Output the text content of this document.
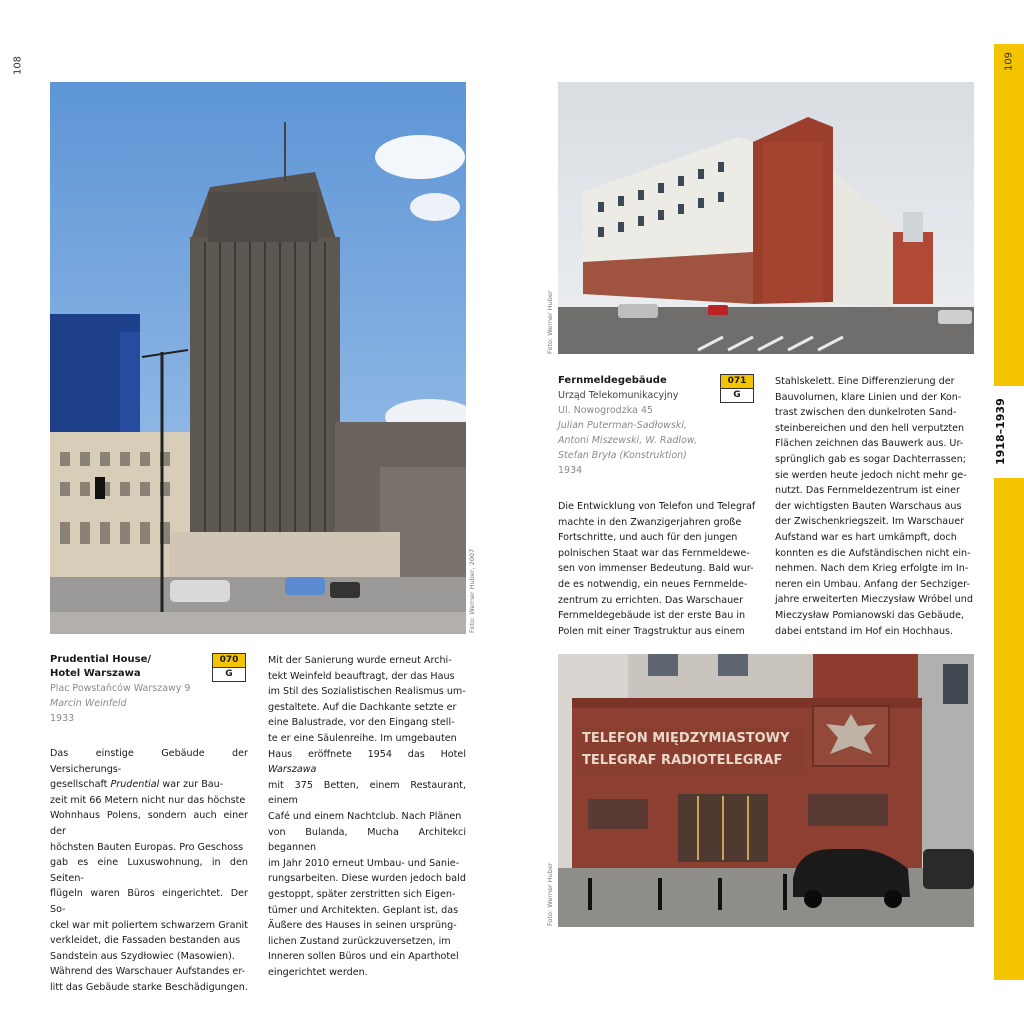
108
Foto: Werner Huber, 2007

Prudential House/

Hotel Warszawa

Plac Powstańców Warszawy 9

Marcin Weinfeld

1933

070
G

Das einstige Gebäude der Versicherungs-
gesellschaft Prudential war zur Bau-
zeit mit 66 Metern nicht nur das höchste
Wohnhaus Polens, sondern auch einer der
höchsten Bauten Europas. Pro Geschoss
gab es eine Luxuswohnung, in den Seiten-
flügeln waren Büros eingerichtet. Der So-
ckel war mit poliertem schwarzem Granit
verkleidet, die Fassaden bestanden aus
Sandstein aus Szydłowiec (Masowien).
Während des Warschauer Aufstandes er-
litt das Gebäude starke Beschädigungen.

Mit der Sanierung wurde erneut Archi-
tekt Weinfeld beauftragt, der das Haus
im Stil des Sozialistischen Realismus um-
gestaltete. Auf die Dachkante setzte er
eine Balustrade, vor den Eingang stell-
te er eine Säulenreihe. Im umgebauten
Haus eröffnete 1954 das Hotel Warszawa
mit 375 Betten, einem Restaurant, einem
Café und einem Nachtclub. Nach Plänen
von Bulanda, Mucha Architekci begannen
im Jahr 2010 erneut Umbau- und Sanie-
rungsarbeiten. Diese wurden jedoch bald
gestoppt, später zerstritten sich Eigen-
tümer und Architekten. Geplant ist, das
Äußere des Hauses in seinen ursprüng-
lichen Zustand zurückzuversetzen, im
Inneren sollen Büros und ein Aparthotel
eingerichtet werden.

Foto: Werner Huber

Fernmeldegebäude

Urząd Telekomunikacyjny

Ul. Nowogrodzka 45

Julian Puterman-Sadłowski,

Antoni Miszewski, W. Radlow,

Stefan Bryła (Konstruktion)

1934

071
G

Die Entwicklung von Telefon und Telegraf
machte in den Zwanzigerjahren große
Fortschritte, und auch für den jungen
polnischen Staat war das Fernmeldewe-
sen von immenser Bedeutung. Bald wur-
de es notwendig, ein neues Fernmelde-
zentrum zu errichten. Das Warschauer
Fernmeldegebäude ist der erste Bau in
Polen mit einer Tragstruktur aus einem

Stahlskelett. Eine Differenzierung der
Bauvolumen, klare Linien und der Kon-
trast zwischen den dunkelroten Sand-
steinbereichen und den hell verputzten
Flächen zeichnen das Bauwerk aus. Ur-
sprünglich gab es sogar Dachterrassen;
sie werden heute jedoch nicht mehr ge-
nutzt. Das Fernmeldezentrum ist einer
der wichtigsten Bauten Warschaus aus
der Zwischenkriegszeit. Im Warschauer
Aufstand war es hart umkämpft, doch
konnten es die Aufständischen nicht ein-
nehmen. Nach dem Krieg erfolgte im In-
neren ein Umbau. Anfang der Sechziger-
jahre erweiterten Mieczysław Wróbel und
Mieczysław Pomianowski das Gebäude,
dabei entstand im Hof ein Hochhaus.

TELEFON MIĘDZYMIASTOWY
TELEGRAF RADIOTELEGRAF
Foto: Werner Huber
109
1918–1939
